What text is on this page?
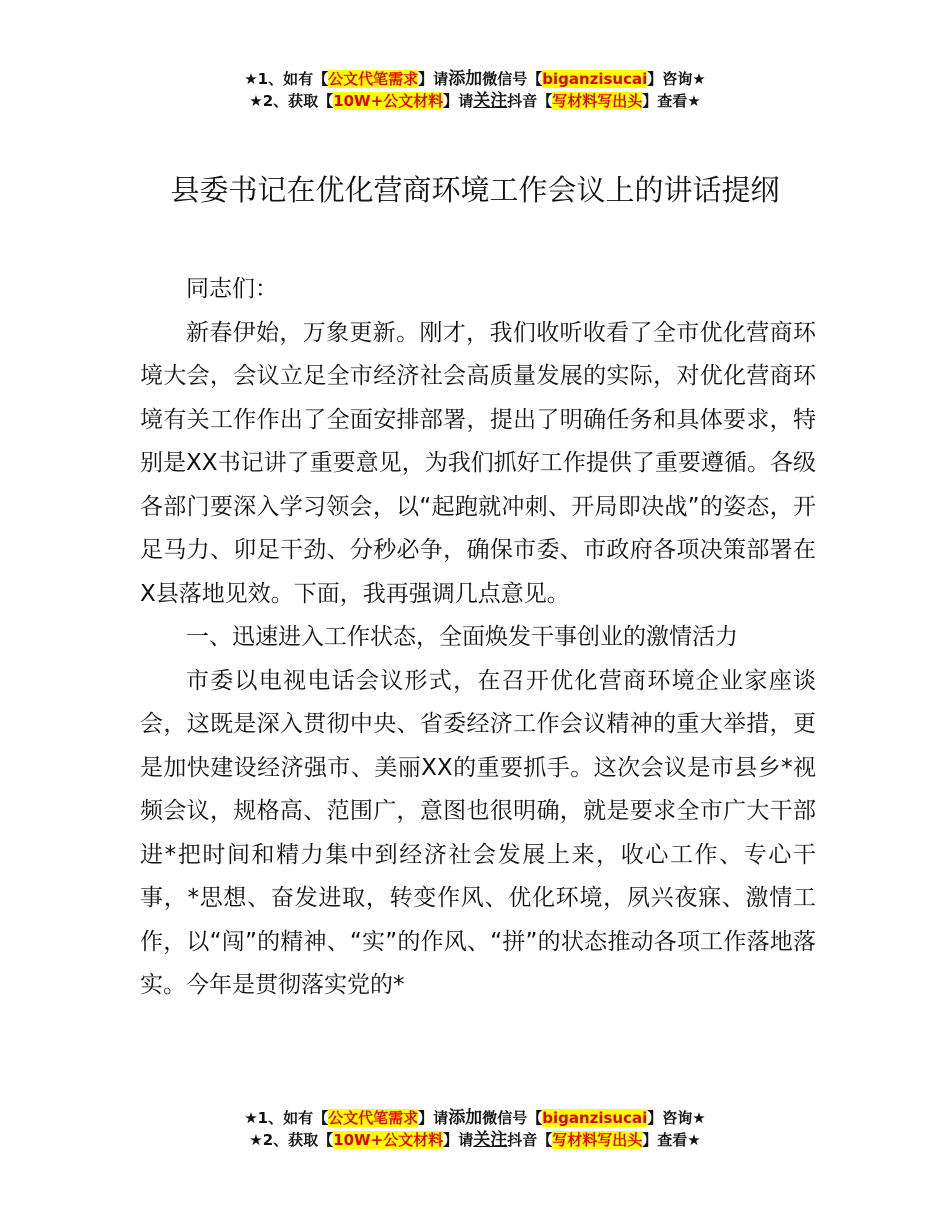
★1、如有【公文代笔需求】请添加微信号【biganzisucai】咨询★
★2、获取【10W+公文材料】请关注抖音【写材料写出头】查看★
县委书记在优化营商环境工作会议上的讲话提纲

同志们：

新春伊始，万象更新。刚才，我们收听收看了全市优化营商环境大会，会议立足全市经济社会高质量发展的实际，对优化营商环境有关工作作出了全面安排部署，提出了明确任务和具体要求，特别是XX书记讲了重要意见，为我们抓好工作提供了重要遵循。各级各部门要深入学习领会，以“起跑就冲刺、开局即决战”的姿态，开足马力、卯足干劲、分秒必争，确保市委、市政府各项决策部署在X县落地见效。下面，我再强调几点意见。

一、迅速进入工作状态，全面焕发干事创业的激情活力

市委以电视电话会议形式，在召开优化营商环境企业家座谈会，这既是深入贯彻中央、省委经济工作会议精神的重大举措，更是加快建设经济强市、美丽XX的重要抓手。这次会议是市县乡*视频会议，规格高、范围广，意图也很明确，就是要求全市广大干部进*把时间和精力集中到经济社会发展上来，收心工作、专心干事，*思想、奋发进取，转变作风、优化环境，夙兴夜寐、激情工作，以“闯”的精神、“实”的作风、“拼”的状态推动各项工作落地落实。今年是贯彻落实党的*

★1、如有【公文代笔需求】请添加微信号【biganzisucai】咨询★
★2、获取【10W+公文材料】请关注抖音【写材料写出头】查看★
